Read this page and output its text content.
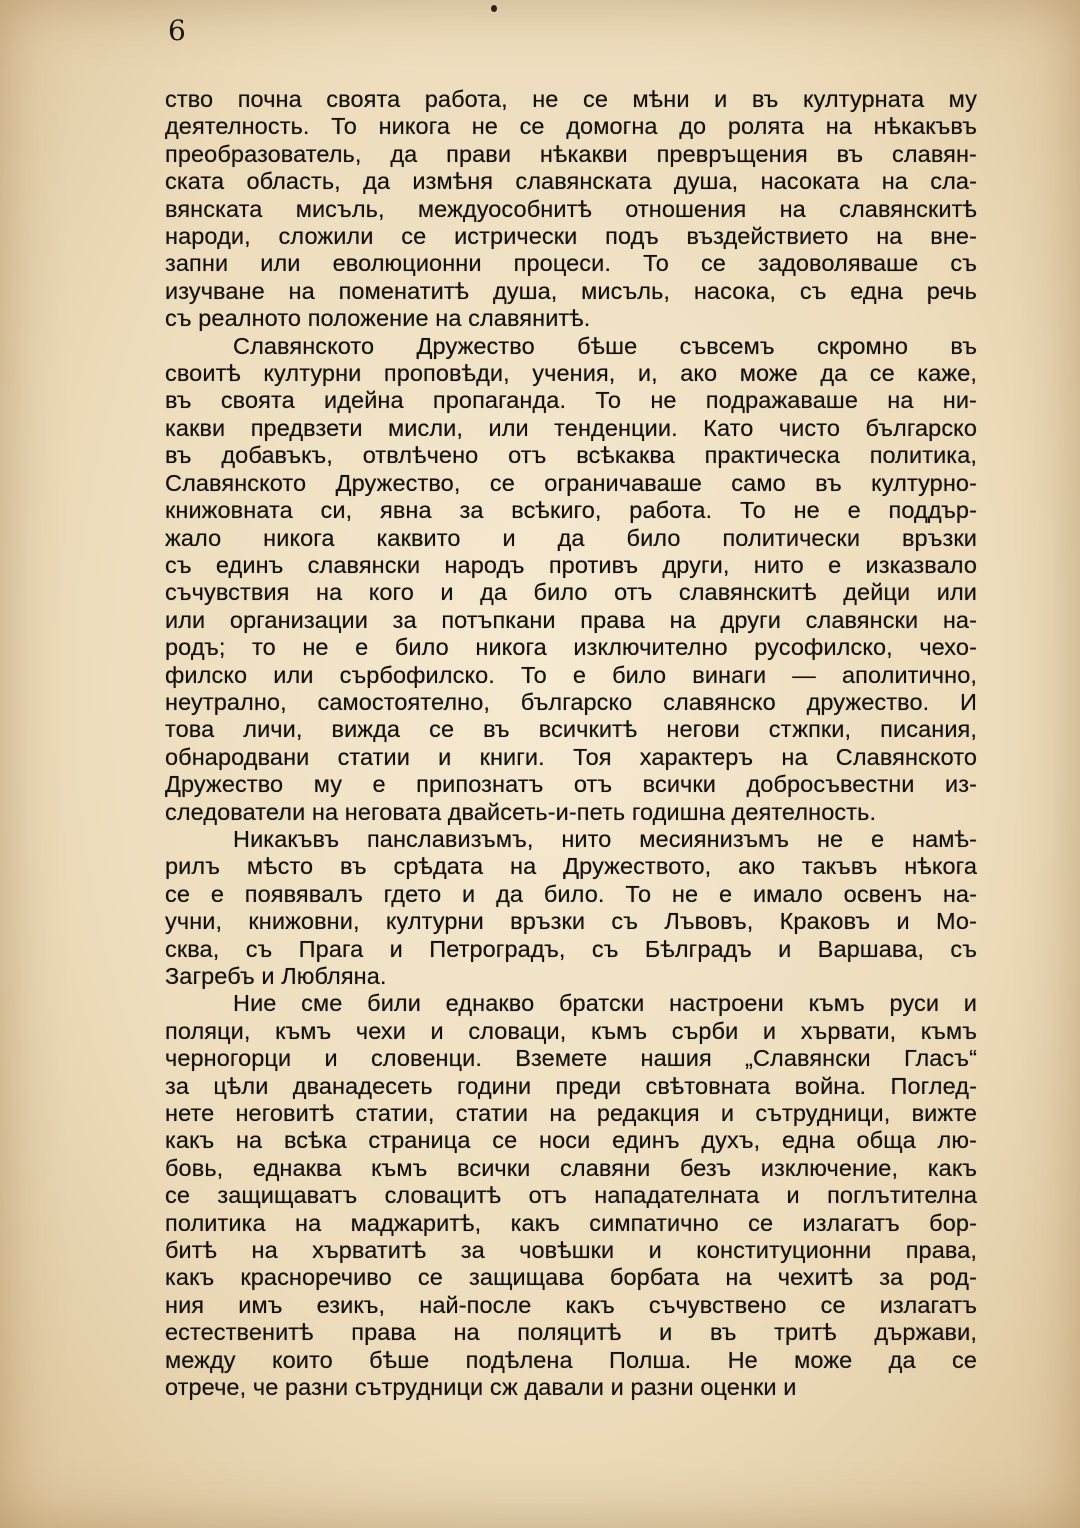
6
ство почна своята работа, не се мѣни и въ културната му
деятелность. То никога не се домогна до ролята на нѣкакъвъ
преобразователь, да прави нѣкакви превръщения въ славян-
ската область, да измѣня славянската душа, насоката на сла-
вянската мисъль, междуособнитѣ отношения на славянскитѣ
народи, сложили се истрически подъ въздействието на вне-
запни или еволюционни процеси. То се задоволяваше съ
изучване на поменатитѣ душа, мисъль, насока, съ една речь
съ реалното положение на славянитѣ.
Славянското Дружество бѣше съвсемъ скромно въ
своитѣ културни проповѣди, учения, и, ако може да се каже,
въ своята идейна пропаганда. То не подражаваше на ни-
какви предвзети мисли, или тенденции. Като чисто българско
въ добавъкъ, отвлѣчено отъ всѣкаква практическа политика,
Славянското Дружество, се ограничаваше само въ културно-
книжовната си, явна за всѣкиго, работа. То не е поддър-
жало никога каквито и да било политически връзки
съ единъ славянски народъ противъ други, нито е изказвало
съчувствия на кого и да било отъ славянскитѣ дейци или
или организации за потъпкани права на други славянски на-
родъ; то не е било никога изключително русофилско, чехо-
филско или сърбофилско. То е било винаги — аполитично,
неутрално, самостоятелно, българско славянско дружество. И
това личи, вижда се въ всичкитѣ негови стжпки, писания,
обнародвани статии и книги. Тоя характеръ на Славянското
Дружество му е припознатъ отъ всички добросъвестни из-
следователи на неговата двайсеть-и-петь годишна деятелность.
Никакъвъ панславизъмъ, нито месиянизъмъ не е намѣ-
рилъ мѣсто въ срѣдата на Дружеството, ако такъвъ нѣкога
се е появявалъ гдето и да било. То не е имало освенъ на-
учни, книжовни, културни връзки съ Лъвовъ, Краковъ и Мо-
сква, съ Прага и Петроградъ, съ Бѣлградъ и Варшава, съ
Загребъ и Любляна.
Ние сме били еднакво братски настроени къмъ руси и
поляци, къмъ чехи и словаци, къмъ сърби и хървати, къмъ
черногорци и словенци. Вземете нашия „Славянски Гласъ“
за цѣли дванадесеть години преди свѣтовната война. Поглед-
нете неговитѣ статии, статии на редакция и сътрудници, вижте
какъ на всѣка страница се носи единъ духъ, една обща лю-
бовь, еднаква къмъ всички славяни безъ изключение, какъ
се защищаватъ словацитѣ отъ нападателната и поглътителна
политика на маджаритѣ, какъ симпатично се излагатъ бор-
битѣ на хърватитѣ за човѣшки и конституционни права,
какъ красноречиво се защищава борбата на чехитѣ за род-
ния имъ езикъ, най-после какъ съчувствено се излагатъ
естественитѣ права на поляцитѣ и въ тритѣ държави,
между които бѣше подѣлена Полша. Не може да се
отрече, че разни сътрудници сж давали и разни оценки и
